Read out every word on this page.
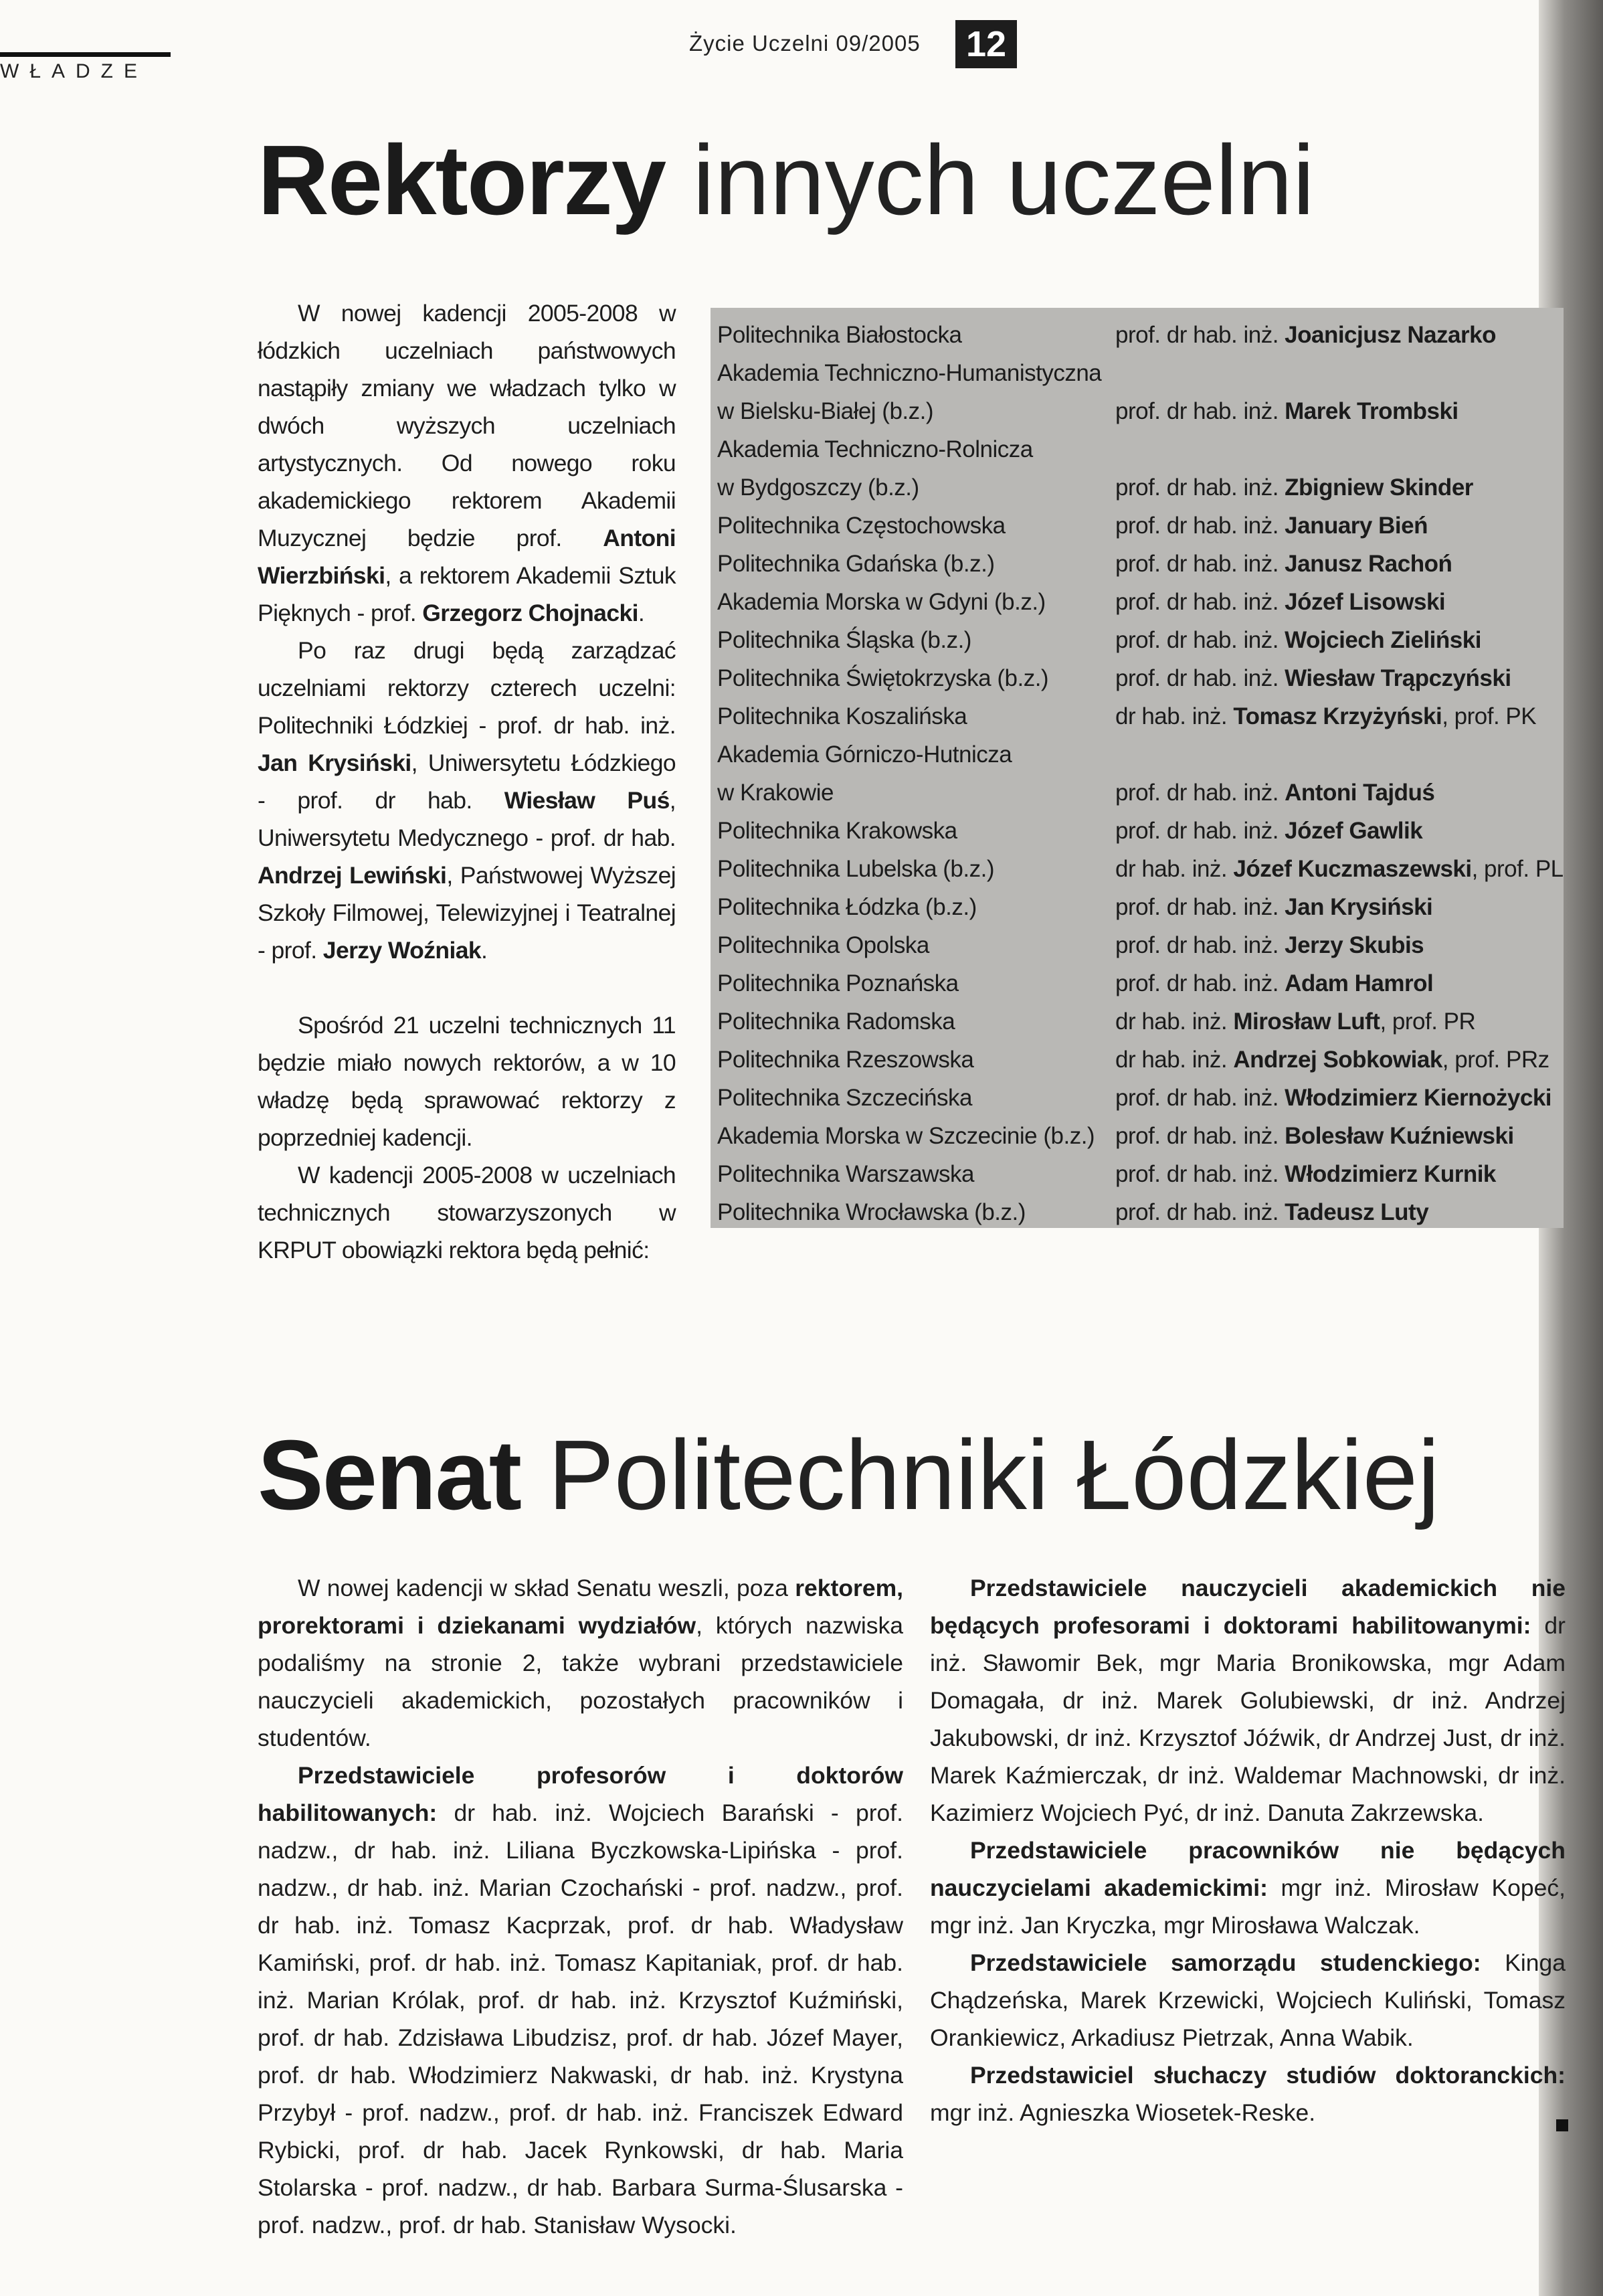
WŁADZE
Życie Uczelni 09/2005 12
Rektorzy innych uczelni

W nowej kadencji 2005-2008 w łódzkich uczelniach państwowych nastąpiły zmiany we władzach tylko w dwóch wyższych uczelniach artystycznych. Od nowego roku akademickiego rektorem Akademii Muzycznej będzie prof. Antoni Wierzbiński, a rektorem Akademii Sztuk Pięknych - prof. Grzegorz Chojnacki.

Po raz drugi będą zarządzać uczelniami rektorzy czterech uczelni: Politechniki Łódzkiej - prof. dr hab. inż. Jan Krysiński, Uniwersytetu Łódzkiego - prof. dr hab. Wiesław Puś, Uniwersytetu Medycznego - prof. dr hab. Andrzej Lewiński, Państwowej Wyższej Szkoły Filmowej, Telewizyjnej i Teatralnej - prof. Jerzy Woźniak.

Spośród 21 uczelni technicznych 11 będzie miało nowych rektorów, a w 10 władzę będą sprawować rektorzy z poprzedniej kadencji.

W kadencji 2005-2008 w uczelniach technicznych stowarzyszonych w KRPUT obowiązki rektora będą pełnić:

Politechnika Białostocka	prof. dr hab. inż. Joanicjusz Nazarko
Akademia Techniczno-Humanistyczna
w Bielsku-Białej (b.z.)	prof. dr hab. inż. Marek Trombski
Akademia Techniczno-Rolnicza
w Bydgoszczy (b.z.)	prof. dr hab. inż. Zbigniew Skinder
Politechnika Częstochowska	prof. dr hab. inż. January Bień
Politechnika Gdańska (b.z.)	prof. dr hab. inż. Janusz Rachoń
Akademia Morska w Gdyni (b.z.)	prof. dr hab. inż. Józef Lisowski
Politechnika Śląska (b.z.)	prof. dr hab. inż. Wojciech Zieliński
Politechnika Świętokrzyska (b.z.)	prof. dr hab. inż. Wiesław Trąpczyński
Politechnika Koszalińska	dr hab. inż. Tomasz Krzyżyński, prof. PK
Akademia Górniczo-Hutnicza
w Krakowie	prof. dr hab. inż. Antoni Tajduś
Politechnika Krakowska	prof. dr hab. inż. Józef Gawlik
Politechnika Lubelska (b.z.)	dr hab. inż. Józef Kuczmaszewski, prof. PL
Politechnika Łódzka (b.z.)	prof. dr hab. inż. Jan Krysiński
Politechnika Opolska	prof. dr hab. inż. Jerzy Skubis
Politechnika Poznańska	prof. dr hab. inż. Adam Hamrol
Politechnika Radomska	dr hab. inż. Mirosław Luft, prof. PR
Politechnika Rzeszowska	dr hab. inż. Andrzej Sobkowiak, prof. PRz
Politechnika Szczecińska	prof. dr hab. inż. Włodzimierz Kiernożycki
Akademia Morska w Szczecinie (b.z.) prof. dr hab. inż. Bolesław Kuźniewski
Politechnika Warszawska	prof. dr hab. inż. Włodzimierz Kurnik
Politechnika Wrocławska (b.z.)	prof. dr hab. inż. Tadeusz Luty
Senat Politechniki Łódzkiej

W nowej kadencji w skład Senatu weszli, poza rektorem, prorektorami i dziekanami wydziałów, których nazwiska podaliśmy na stronie 2, także wybrani przedstawiciele nauczycieli akademickich, pozostałych pracowników i studentów.

Przedstawiciele profesorów i doktorów habilitowanych: dr hab. inż. Wojciech Barański - prof. nadzw., dr hab. inż. Liliana Byczkowska-Lipińska - prof. nadzw., dr hab. inż. Marian Czochański - prof. nadzw., prof. dr hab. inż. Tomasz Kacprzak, prof. dr hab. Władysław Kamiński, prof. dr hab. inż. Tomasz Kapitaniak, prof. dr hab. inż. Marian Królak, prof. dr hab. inż. Krzysztof Kuźmiński, prof. dr hab. Zdzisława Libudzisz, prof. dr hab. Józef Mayer, prof. dr hab. Włodzimierz Nakwaski, dr hab. inż. Krystyna Przybył - prof. nadzw., prof. dr hab. inż. Franciszek Edward Rybicki, prof. dr hab. Jacek Rynkowski, dr hab. Maria Stolarska - prof. nadzw., dr hab. Barbara Surma-Ślusarska - prof. nadzw., prof. dr hab. Stanisław Wysocki.

Przedstawiciele nauczycieli akademickich nie będących profesorami i doktorami habilitowanymi: dr inż. Sławomir Bek, mgr Maria Bronikowska, mgr Adam Domagała, dr inż. Marek Golubiewski, dr inż. Andrzej Jakubowski, dr inż. Krzysztof Jóźwik, dr Andrzej Just, dr inż. Marek Kaźmierczak, dr inż. Waldemar Machnowski, dr inż. Kazimierz Wojciech Pyć, dr inż. Danuta Zakrzewska.

Przedstawiciele pracowników nie będących nauczycielami akademickimi: mgr inż. Mirosław Kopeć, mgr inż. Jan Kryczka, mgr Mirosława Walczak.

Przedstawiciele samorządu studenckiego: Kinga Chądzeńska, Marek Krzewicki, Wojciech Kuliński, Tomasz Orankiewicz, Arkadiusz Pietrzak, Anna Wabik.

Przedstawiciel słuchaczy studiów doktoranckich: mgr inż. Agnieszka Wiosetek-Reske.
